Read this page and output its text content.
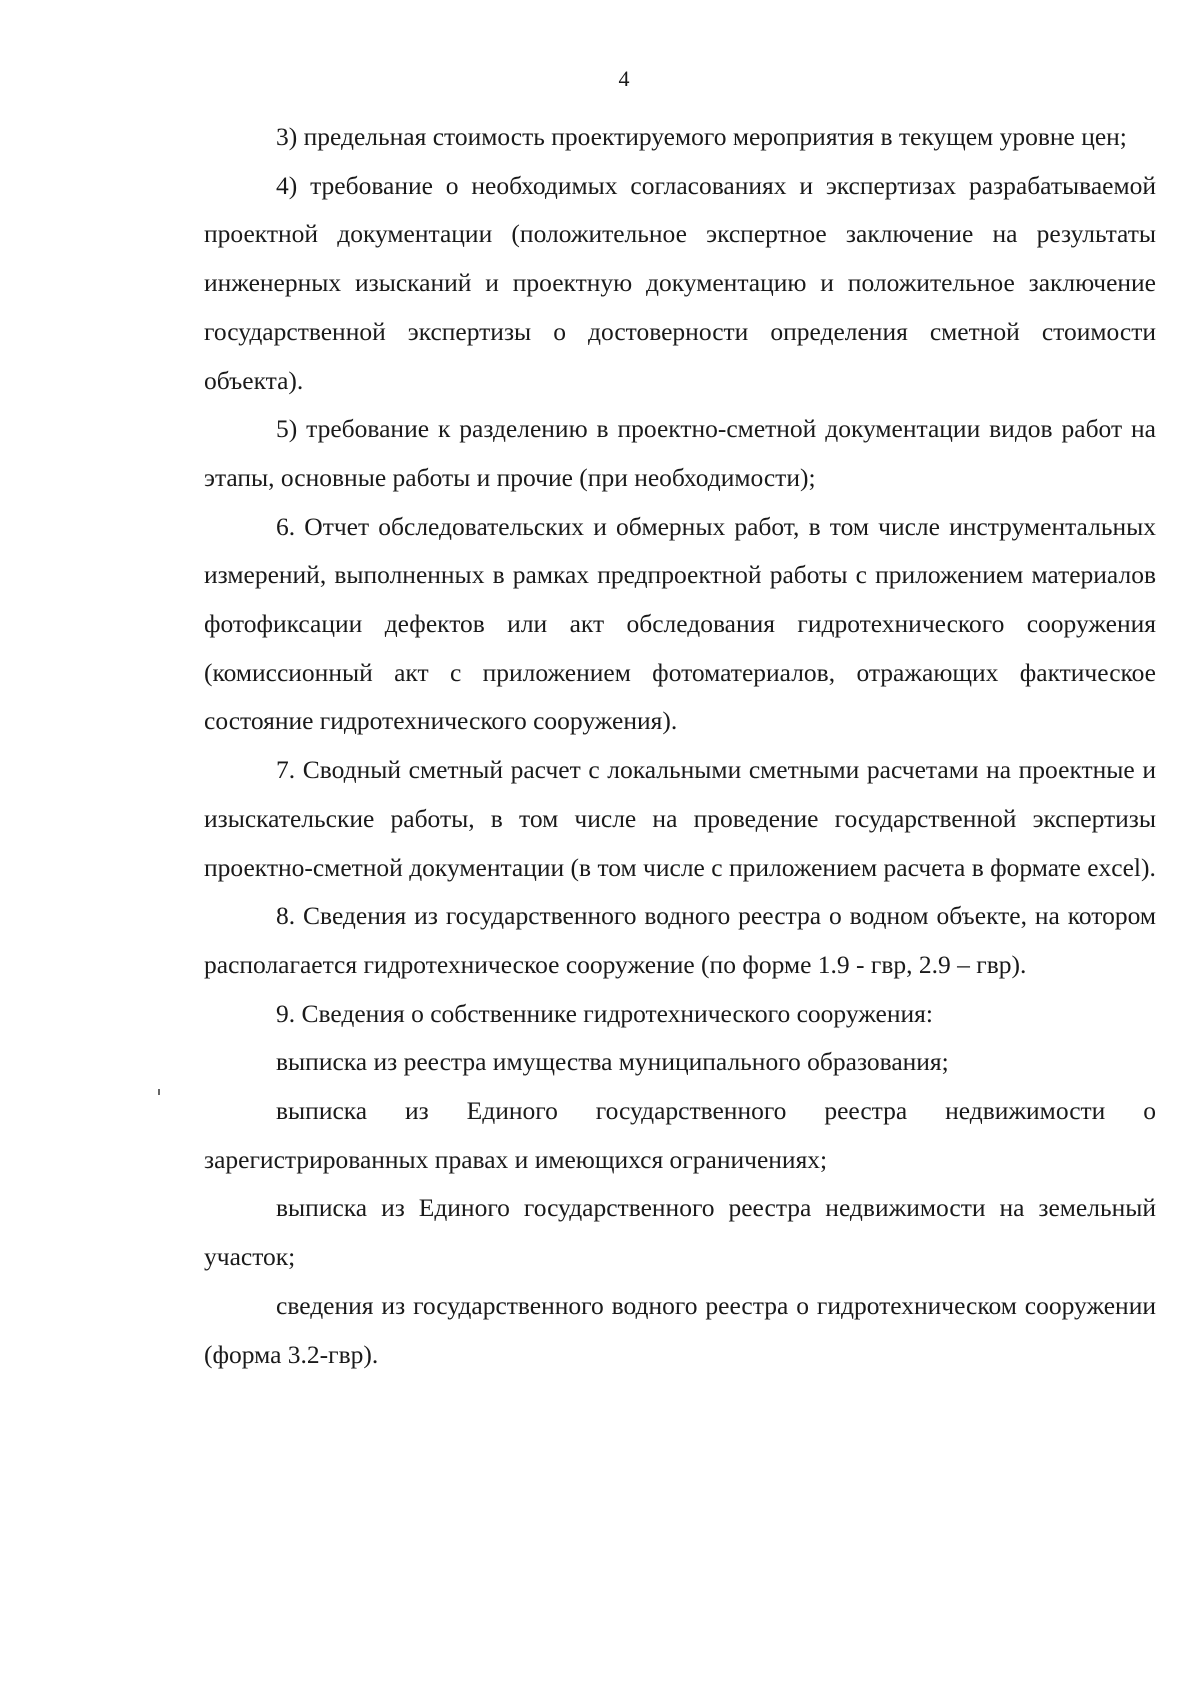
4

3) предельная стоимость проектируемого мероприятия в текущем уровне цен;

4) требование о необходимых согласованиях и экспертизах разрабатываемой проектной документации (положительное экспертное заключение на результаты инженерных изысканий и проектную документацию и положительное заключение государственной экспертизы о достоверности определения сметной стоимости объекта).

5) требование к разделению в проектно-сметной документации видов работ на этапы, основные работы и прочие (при необходимости);

6. Отчет обследовательских и обмерных работ, в том числе инструментальных измерений, выполненных в рамках предпроектной работы с приложением материалов фотофиксации дефектов или акт обследования гидротехнического сооружения (комиссионный акт с приложением фотоматериалов, отражающих фактическое состояние гидротехнического сооружения).

7. Сводный сметный расчет с локальными сметными расчетами на проектные и изыскательские работы, в том числе на проведение государственной экспертизы проектно-сметной документации (в том числе с приложением расчета в формате excel).

8. Сведения из государственного водного реестра о водном объекте, на котором располагается гидротехническое сооружение (по форме 1.9 - гвр, 2.9 – гвр).

9. Сведения о собственнике гидротехнического сооружения:

выписка из реестра имущества муниципального образования;

выписка из Единого государственного реестра недвижимости о зарегистрированных правах и имеющихся ограничениях;

выписка из Единого государственного реестра недвижимости на земельный участок;

сведения из государственного водного реестра о гидротехническом сооружении (форма 3.2-гвр).
